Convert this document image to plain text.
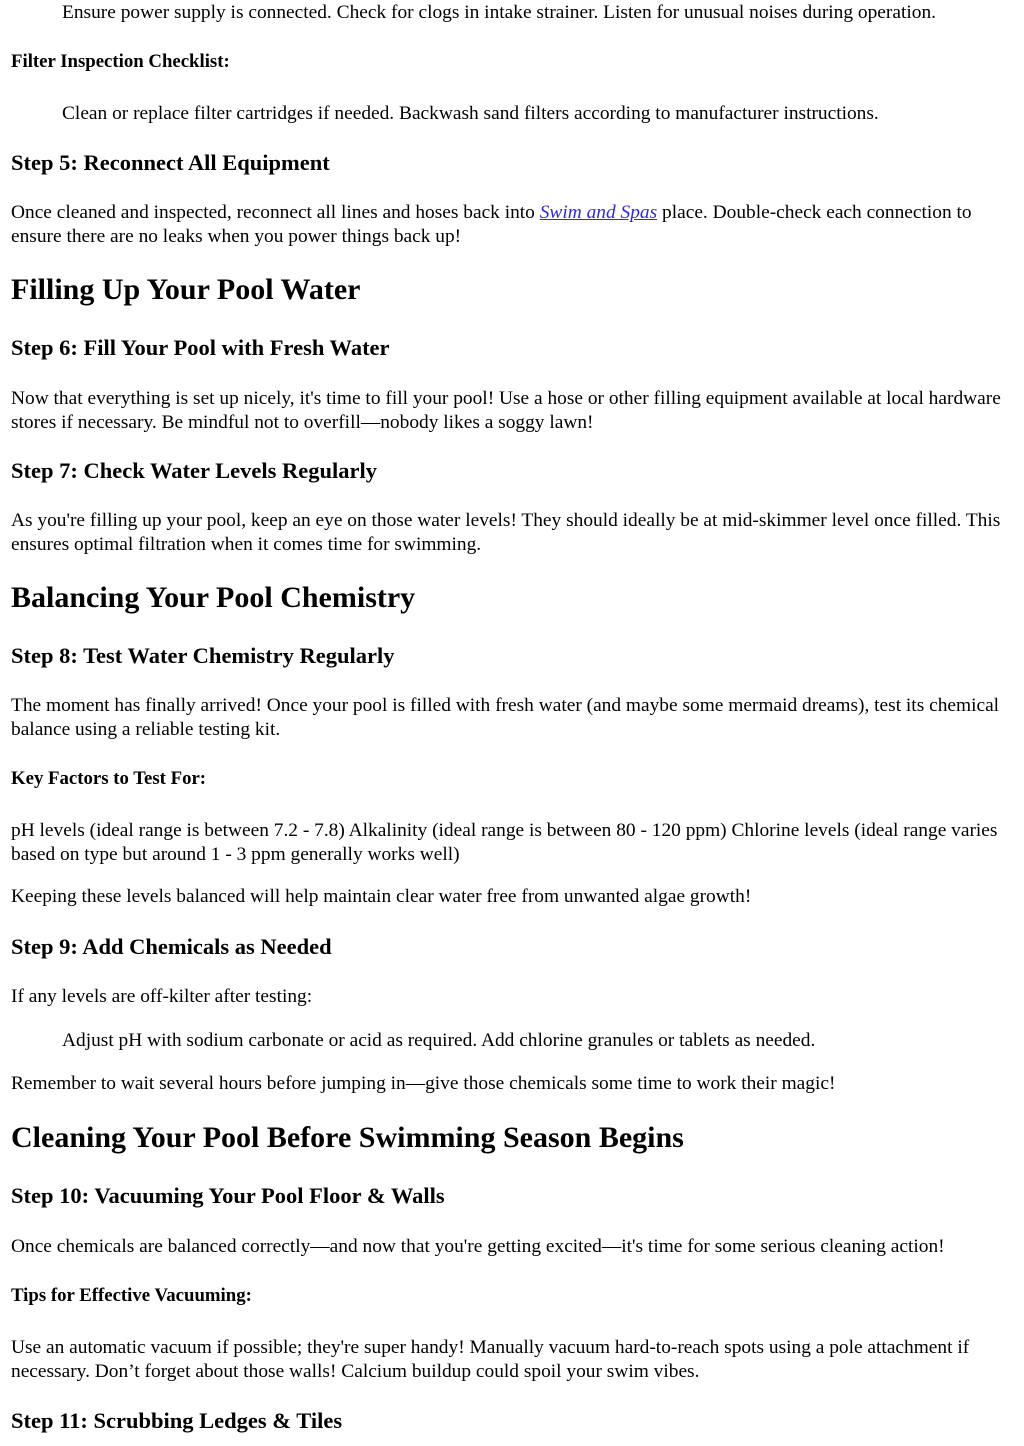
Ensure power supply is connected. Check for clogs in intake strainer. Listen for unusual noises during operation.

Filter Inspection Checklist:

Clean or replace filter cartridges if needed. Backwash sand filters according to manufacturer instructions.

Step 5: Reconnect All Equipment

Once cleaned and inspected, reconnect all lines and hoses back into Swim and Spas place. Double-check each connection to ensure there are no leaks when you power things back up!

Filling Up Your Pool Water
Step 6: Fill Your Pool with Fresh Water

Now that everything is set up nicely, it's time to fill your pool! Use a hose or other filling equipment available at local hardware stores if necessary. Be mindful not to overfill—nobody likes a soggy lawn!

Step 7: Check Water Levels Regularly

As you're filling up your pool, keep an eye on those water levels! They should ideally be at mid-skimmer level once filled. This ensures optimal filtration when it comes time for swimming.

Balancing Your Pool Chemistry
Step 8: Test Water Chemistry Regularly

The moment has finally arrived! Once your pool is filled with fresh water (and maybe some mermaid dreams), test its chemical balance using a reliable testing kit.

Key Factors to Test For:

pH levels (ideal range is between 7.2 - 7.8) Alkalinity (ideal range is between 80 - 120 ppm) Chlorine levels (ideal range varies based on type but around 1 - 3 ppm generally works well)

Keeping these levels balanced will help maintain clear water free from unwanted algae growth!

Step 9: Add Chemicals as Needed

If any levels are off-kilter after testing:

Adjust pH with sodium carbonate or acid as required. Add chlorine granules or tablets as needed.

Remember to wait several hours before jumping in—give those chemicals some time to work their magic!

Cleaning Your Pool Before Swimming Season Begins
Step 10: Vacuuming Your Pool Floor & Walls

Once chemicals are balanced correctly—and now that you're getting excited—it's time for some serious cleaning action!

Tips for Effective Vacuuming:

Use an automatic vacuum if possible; they're super handy! Manually vacuum hard-to-reach spots using a pole attachment if necessary. Don’t forget about those walls! Calcium buildup could spoil your swim vibes.

Step 11: Scrubbing Ledges & Tiles
